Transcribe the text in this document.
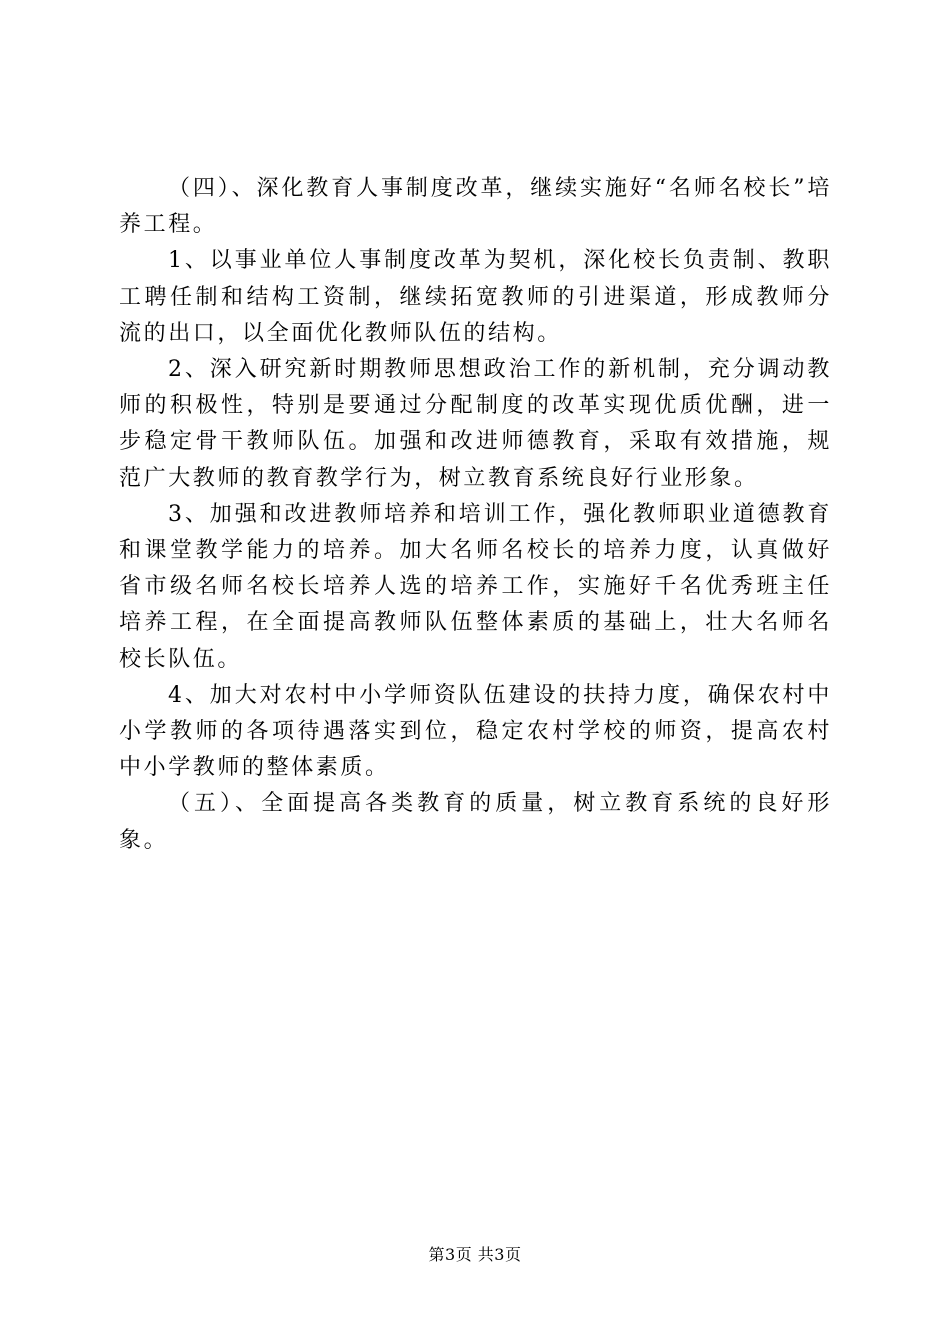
（四）、深化教育人事制度改革，继续实施好“名师名校长”培养工程。

1、以事业单位人事制度改革为契机，深化校长负责制、教职工聘任制和结构工资制，继续拓宽教师的引进渠道，形成教师分流的出口，以全面优化教师队伍的结构。

2、深入研究新时期教师思想政治工作的新机制，充分调动教师的积极性，特别是要通过分配制度的改革实现优质优酬，进一步稳定骨干教师队伍。加强和改进师德教育，采取有效措施，规范广大教师的教育教学行为，树立教育系统良好行业形象。

3、加强和改进教师培养和培训工作，强化教师职业道德教育和课堂教学能力的培养。加大名师名校长的培养力度，认真做好省市级名师名校长培养人选的培养工作，实施好千名优秀班主任培养工程，在全面提高教师队伍整体素质的基础上，壮大名师名校长队伍。

4、加大对农村中小学师资队伍建设的扶持力度，确保农村中小学教师的各项待遇落实到位，稳定农村学校的师资，提高农村中小学教师的整体素质。

（五）、全面提高各类教育的质量，树立教育系统的良好形象。

第3页 共3页
